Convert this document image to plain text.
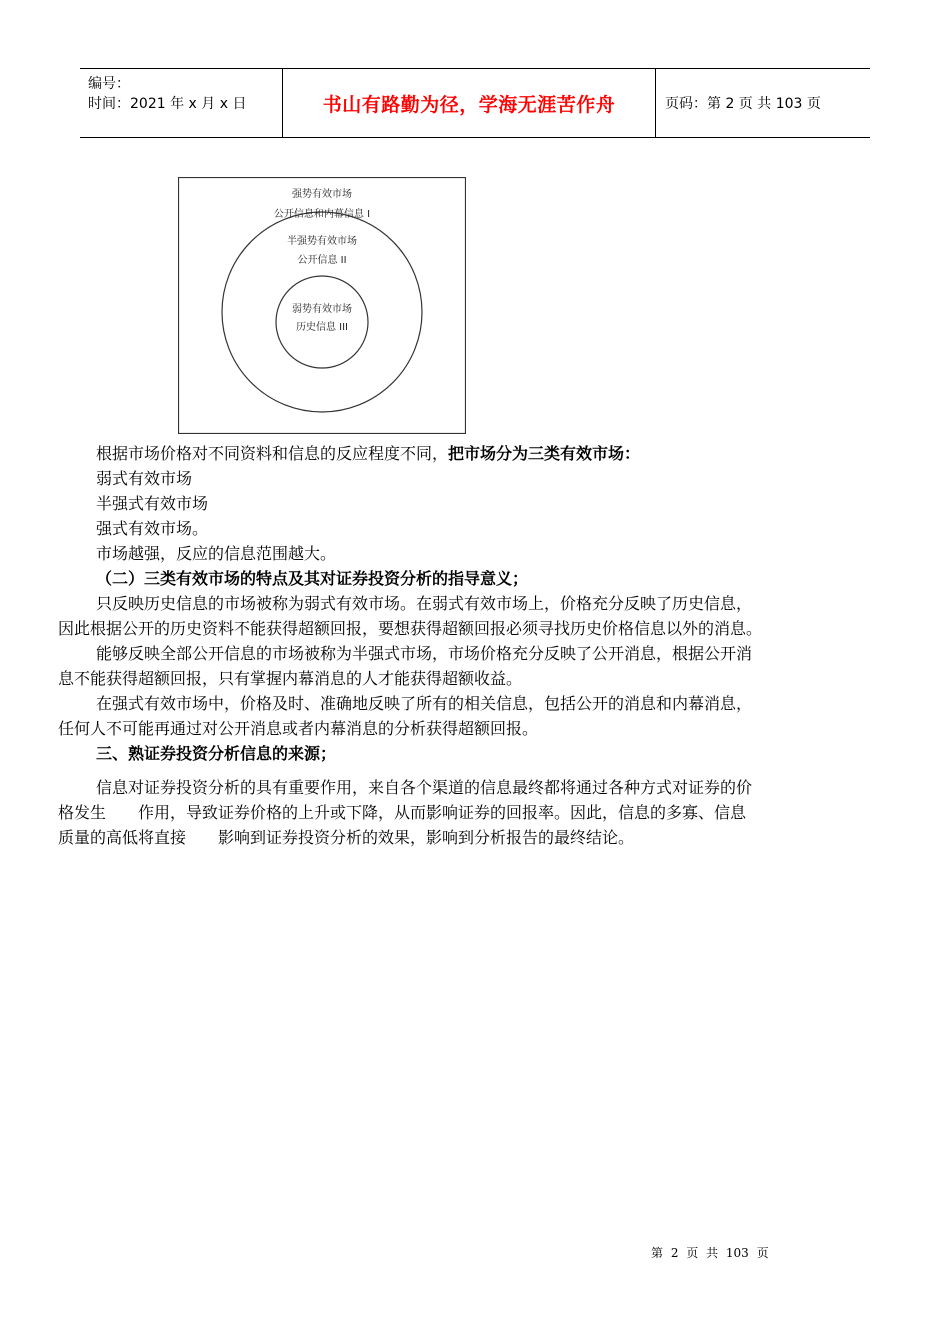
编号：
时间：2021 年 x 月 x 日	书山有路勤为径，学海无涯苦作舟	页码：第 2 页 共 103 页
强势有效市场
公开信息和内幕信息 I
半强势有效市场
公开信息 II
弱势有效市场
历史信息 III
根据市场价格对不同资料和信息的反应程度不同，把市场分为三类有效市场：
弱式有效市场
半强式有效市场
强式有效市场。
市场越强，反应的信息范围越大。
（二）三类有效市场的特点及其对证券投资分析的指导意义；
只反映历史信息的市场被称为弱式有效市场。在弱式有效市场上，价格充分反映了历史信息，
因此根据公开的历史资料不能获得超额回报，要想获得超额回报必须寻找历史价格信息以外的消息。
能够反映全部公开信息的市场被称为半强式市场，市场价格充分反映了公开消息，根据公开消
息不能获得超额回报，只有掌握内幕消息的人才能获得超额收益。
在强式有效市场中，价格及时、准确地反映了所有的相关信息，包括公开的消息和内幕消息，
任何人不可能再通过对公开消息或者内幕消息的分析获得超额回报。
三、熟证券投资分析信息的来源；
信息对证券投资分析的具有重要作用，来自各个渠道的信息最终都将通过各种方式对证券的价
格发生　　作用，导致证券价格的上升或下降，从而影响证券的回报率。因此，信息的多寡、信息
质量的高低将直接　　影响到证券投资分析的效果，影响到分析报告的最终结论。
第 2 页 共 103 页
